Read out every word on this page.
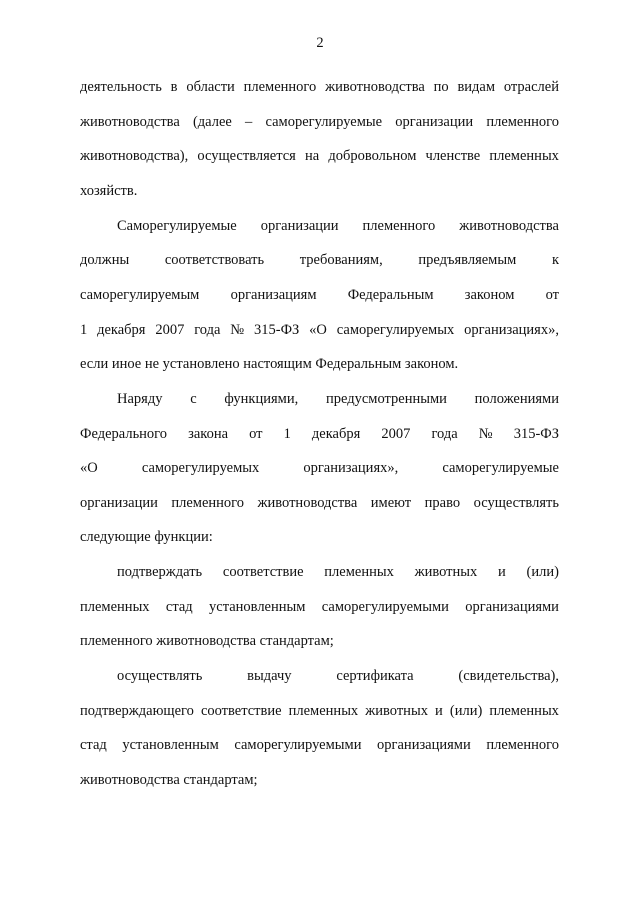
2
деятельность в области племенного животноводства по видам отраслей
животноводства (далее – саморегулируемые организации племенного
животноводства), осуществляется на добровольном членстве племенных
хозяйств.
Саморегулируемые организации племенного животноводства
должны соответствовать требованиям, предъявляемым к
саморегулируемым организациям Федеральным законом от
1 декабря 2007 года № 315-ФЗ «О саморегулируемых организациях»,
если иное не установлено настоящим Федеральным законом.
Наряду с функциями, предусмотренными положениями
Федерального закона от 1 декабря 2007 года № 315-ФЗ
«О	саморегулируемых	организациях»,	саморегулируемые
организации племенного животноводства имеют право осуществлять
следующие функции:
подтверждать соответствие племенных животных и (или)
племенных стад установленным саморегулируемыми организациями
племенного животноводства стандартам;
осуществлять	выдачу	сертификата	(свидетельства),
подтверждающего соответствие племенных животных и (или) племенных
стад установленным саморегулируемыми организациями племенного
животноводства стандартам;
